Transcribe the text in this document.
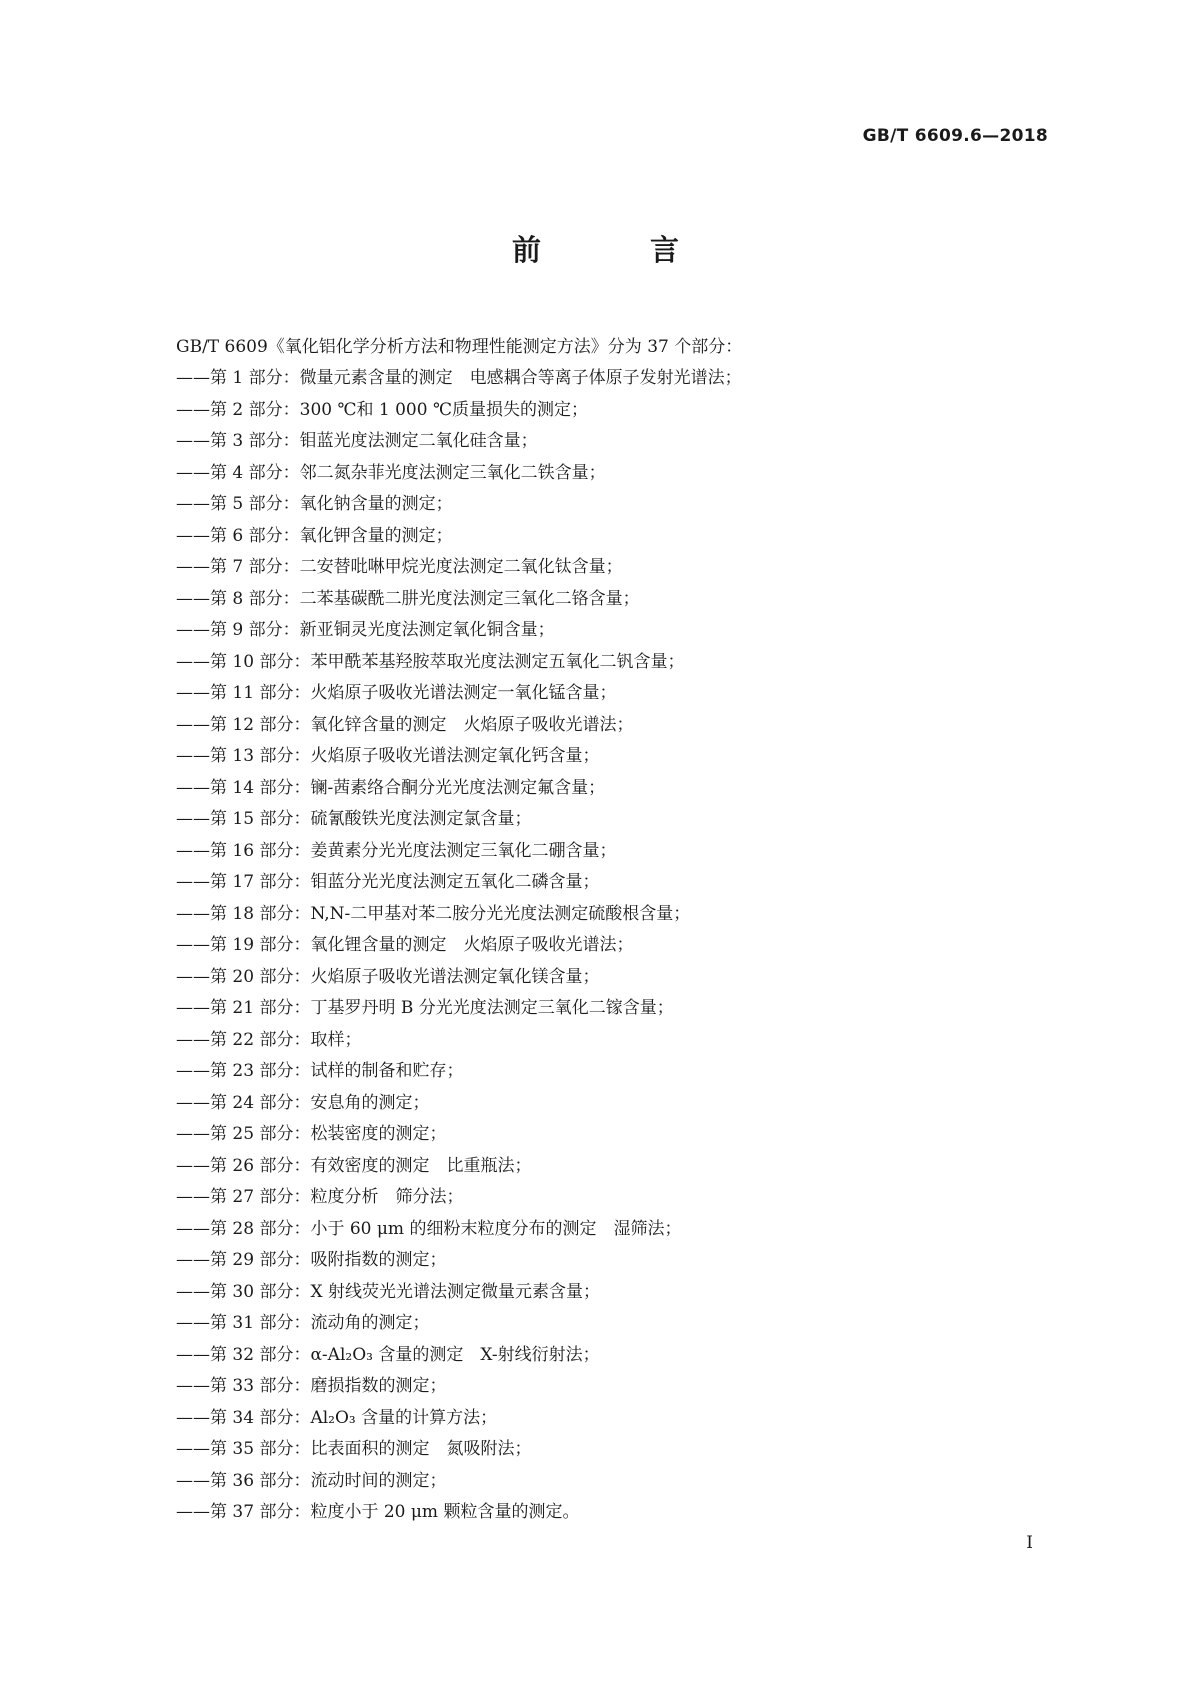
GB/T 6609.6—2018
前　言
GB/T 6609《氧化铝化学分析方法和物理性能测定方法》分为 37 个部分：
——第 1 部分：微量元素含量的测定　电感耦合等离子体原子发射光谱法；
——第 2 部分：300 ℃和 1 000 ℃质量损失的测定；
——第 3 部分：钼蓝光度法测定二氧化硅含量；
——第 4 部分：邻二氮杂菲光度法测定三氧化二铁含量；
——第 5 部分：氧化钠含量的测定；
——第 6 部分：氧化钾含量的测定；
——第 7 部分：二安替吡啉甲烷光度法测定二氧化钛含量；
——第 8 部分：二苯基碳酰二肼光度法测定三氧化二铬含量；
——第 9 部分：新亚铜灵光度法测定氧化铜含量；
——第 10 部分：苯甲酰苯基羟胺萃取光度法测定五氧化二钒含量；
——第 11 部分：火焰原子吸收光谱法测定一氧化锰含量；
——第 12 部分：氧化锌含量的测定　火焰原子吸收光谱法；
——第 13 部分：火焰原子吸收光谱法测定氧化钙含量；
——第 14 部分：镧-茜素络合酮分光光度法测定氟含量；
——第 15 部分：硫氰酸铁光度法测定氯含量；
——第 16 部分：姜黄素分光光度法测定三氧化二硼含量；
——第 17 部分：钼蓝分光光度法测定五氧化二磷含量；
——第 18 部分：N,N-二甲基对苯二胺分光光度法测定硫酸根含量；
——第 19 部分：氧化锂含量的测定　火焰原子吸收光谱法；
——第 20 部分：火焰原子吸收光谱法测定氧化镁含量；
——第 21 部分：丁基罗丹明 B 分光光度法测定三氧化二镓含量；
——第 22 部分：取样；
——第 23 部分：试样的制备和贮存；
——第 24 部分：安息角的测定；
——第 25 部分：松装密度的测定；
——第 26 部分：有效密度的测定　比重瓶法；
——第 27 部分：粒度分析　筛分法；
——第 28 部分：小于 60 μm 的细粉末粒度分布的测定　湿筛法；
——第 29 部分：吸附指数的测定；
——第 30 部分：X 射线荧光光谱法测定微量元素含量；
——第 31 部分：流动角的测定；
——第 32 部分：α-Al₂O₃ 含量的测定　X-射线衍射法；
——第 33 部分：磨损指数的测定；
——第 34 部分：Al₂O₃ 含量的计算方法；
——第 35 部分：比表面积的测定　氮吸附法；
——第 36 部分：流动时间的测定；
——第 37 部分：粒度小于 20 μm 颗粒含量的测定。
I
